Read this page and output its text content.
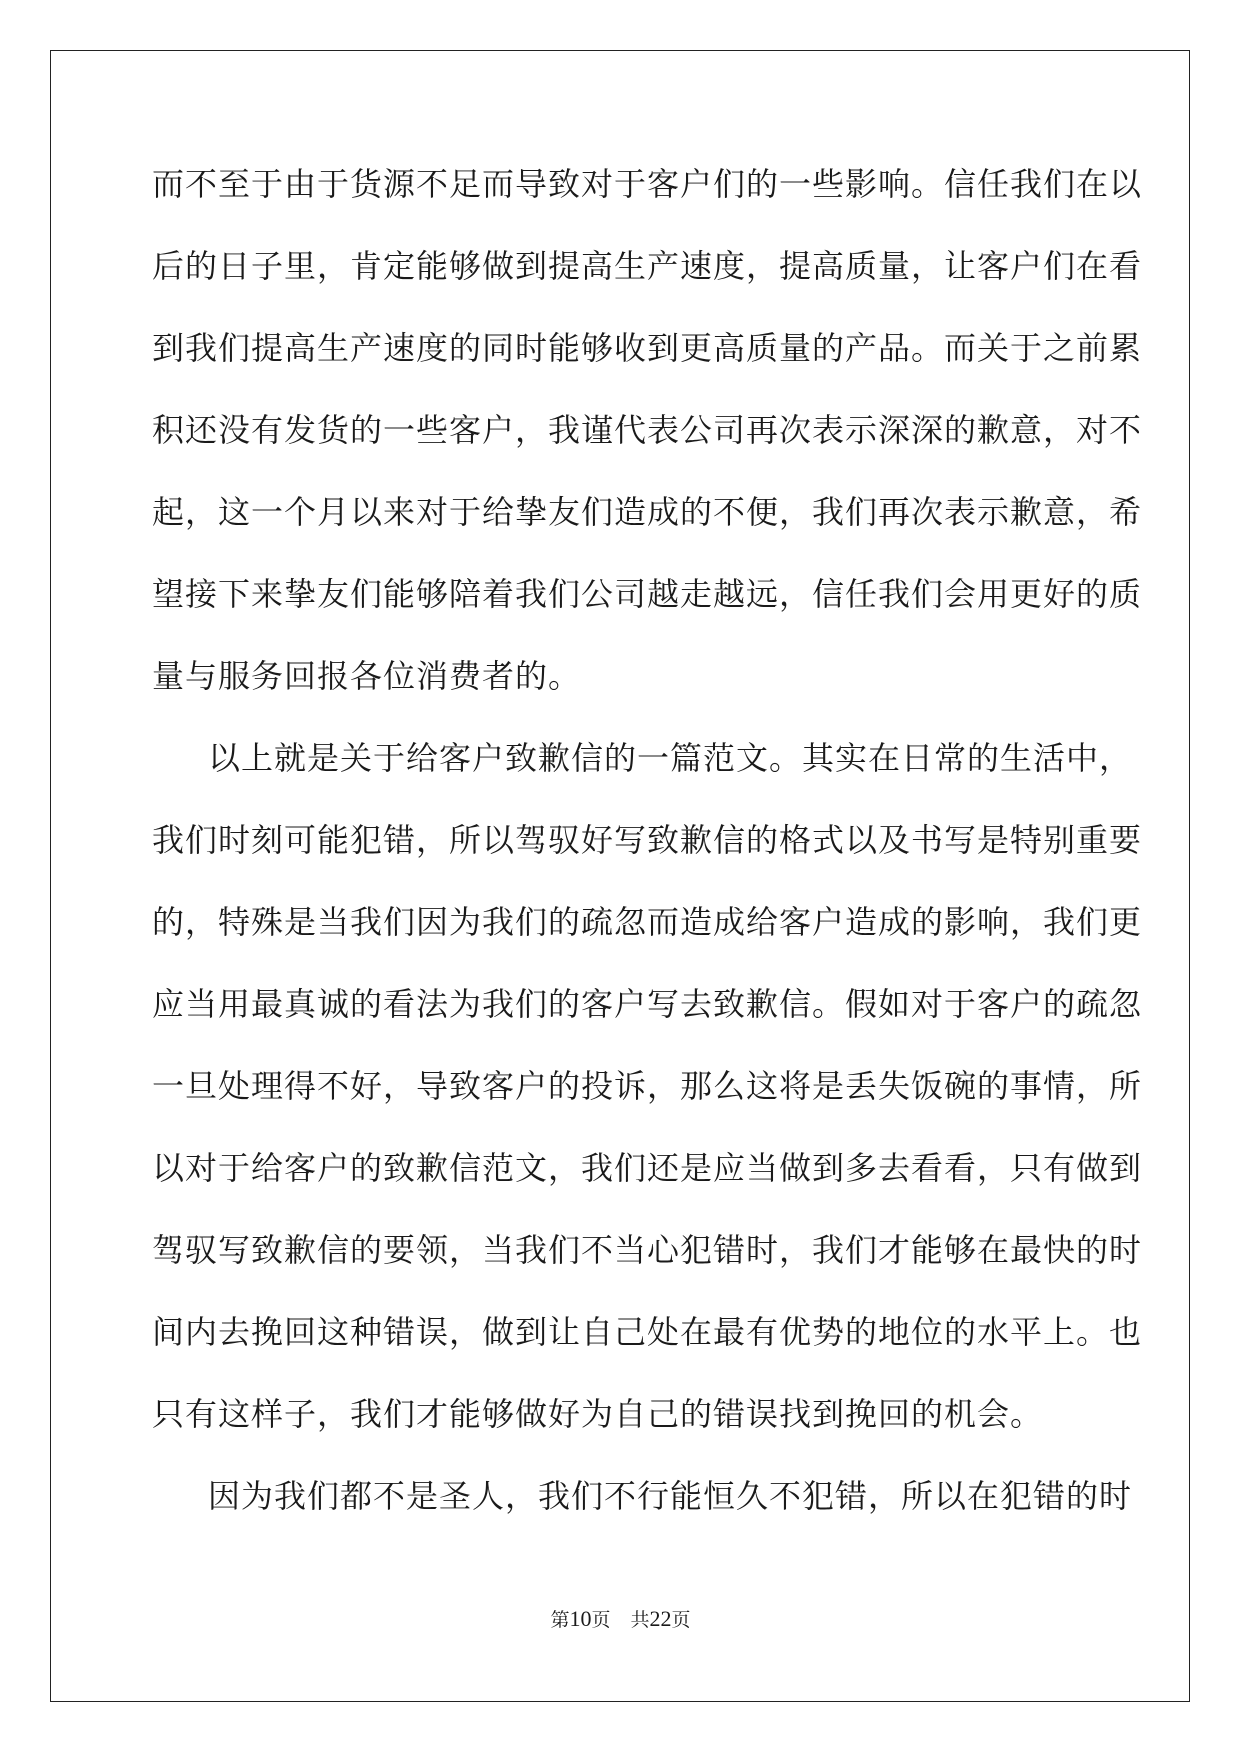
而不至于由于货源不足而导致对于客户们的一些影响。信任我们在以
后的日子里，肯定能够做到提高生产速度，提高质量，让客户们在看
到我们提高生产速度的同时能够收到更高质量的产品。而关于之前累
积还没有发货的一些客户，我谨代表公司再次表示深深的歉意，对不
起，这一个月以来对于给挚友们造成的不便，我们再次表示歉意，希
望接下来挚友们能够陪着我们公司越走越远，信任我们会用更好的质
量与服务回报各位消费者的。
以上就是关于给客户致歉信的一篇范文。其实在日常的生活中，
我们时刻可能犯错，所以驾驭好写致歉信的格式以及书写是特别重要
的，特殊是当我们因为我们的疏忽而造成给客户造成的影响，我们更
应当用最真诚的看法为我们的客户写去致歉信。假如对于客户的疏忽
一旦处理得不好，导致客户的投诉，那么这将是丢失饭碗的事情，所
以对于给客户的致歉信范文，我们还是应当做到多去看看，只有做到
驾驭写致歉信的要领，当我们不当心犯错时，我们才能够在最快的时
间内去挽回这种错误，做到让自己处在最有优势的地位的水平上。也
只有这样子，我们才能够做好为自己的错误找到挽回的机会。
因为我们都不是圣人，我们不行能恒久不犯错，所以在犯错的时
第10页 共22页
